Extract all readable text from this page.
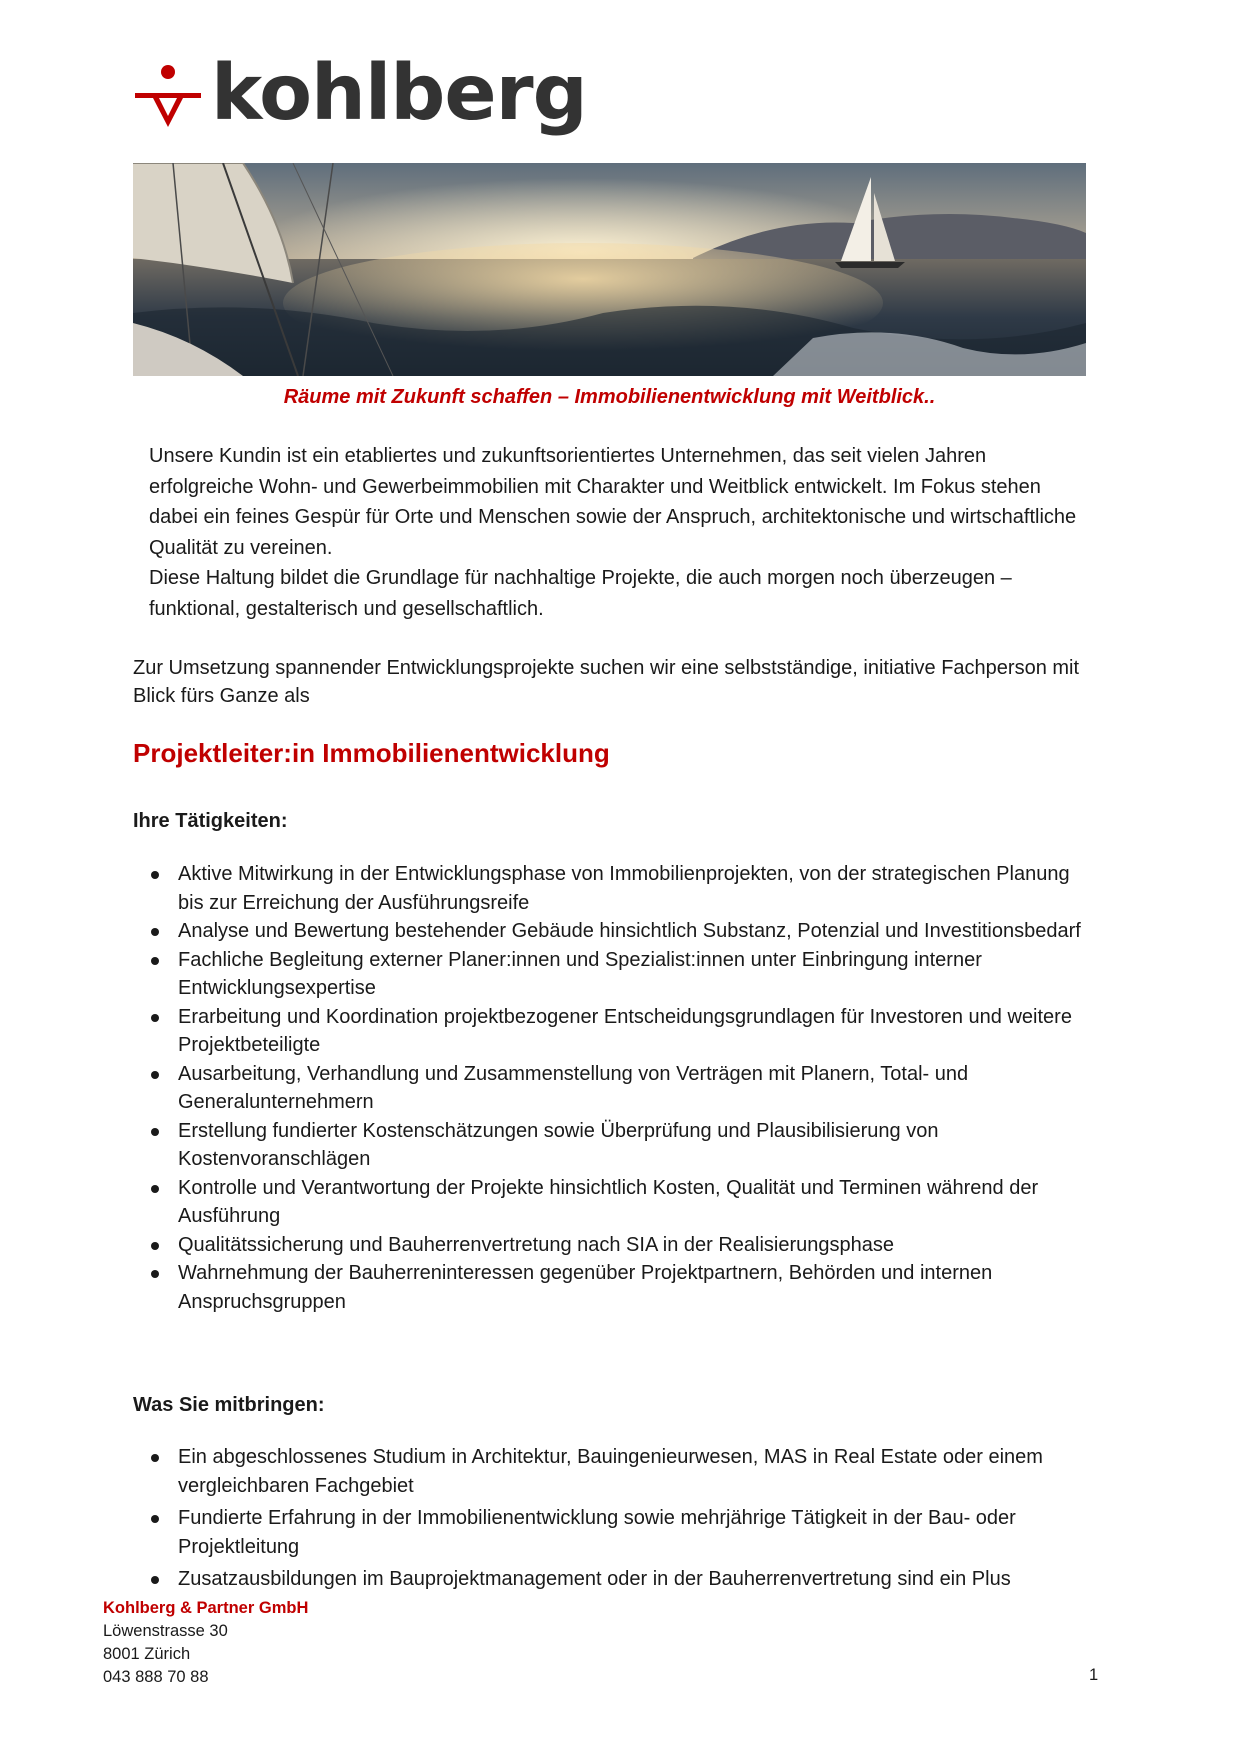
kohlberg
Räume mit Zukunft schaffen – Immobilienentwicklung mit Weitblick..

Unsere Kundin ist ein etabliertes und zukunftsorientiertes Unternehmen, das seit vielen Jahren erfolgreiche Wohn- und Gewerbeimmobilien mit Charakter und Weitblick entwickelt. Im Fokus stehen dabei ein feines Gespür für Orte und Menschen sowie der Anspruch, architektonische und wirtschaftliche Qualität zu vereinen.

Diese Haltung bildet die Grundlage für nachhaltige Projekte, die auch morgen noch überzeugen – funktional, gestalterisch und gesellschaftlich.

Zur Umsetzung spannender Entwicklungsprojekte suchen wir eine selbstständige, initiative Fachperson mit Blick fürs Ganze als

Projektleiter:in Immobilienentwicklung
Ihre Tätigkeiten:
Aktive Mitwirkung in der Entwicklungsphase von Immobilienprojekten, von der strategischen Planung bis zur Erreichung der Ausführungsreife
Analyse und Bewertung bestehender Gebäude hinsichtlich Substanz, Potenzial und Investitionsbedarf
Fachliche Begleitung externer Planer:innen und Spezialist:innen unter Einbringung interner Entwicklungsexpertise
Erarbeitung und Koordination projektbezogener Entscheidungsgrundlagen für Investoren und weitere Projektbeteiligte
Ausarbeitung, Verhandlung und Zusammenstellung von Verträgen mit Planern, Total- und Generalunternehmern
Erstellung fundierter Kostenschätzungen sowie Überprüfung und Plausibilisierung von Kostenvoranschlägen
Kontrolle und Verantwortung der Projekte hinsichtlich Kosten, Qualität und Terminen während der Ausführung
Qualitätssicherung und Bauherrenvertretung nach SIA in der Realisierungsphase
Wahrnehmung der Bauherreninteressen gegenüber Projektpartnern, Behörden und internen Anspruchsgruppen
Was Sie mitbringen:
Ein abgeschlossenes Studium in Architektur, Bauingenieurwesen, MAS in Real Estate oder einem vergleichbaren Fachgebiet
Fundierte Erfahrung in der Immobilienentwicklung sowie mehrjährige Tätigkeit in der Bau- oder Projektleitung
Zusatzausbildungen im Bauprojektmanagement oder in der Bauherrenvertretung sind ein Plus
Kohlberg & Partner GmbH
Löwenstrasse 30
8001 Zürich
043 888 70 88	1
